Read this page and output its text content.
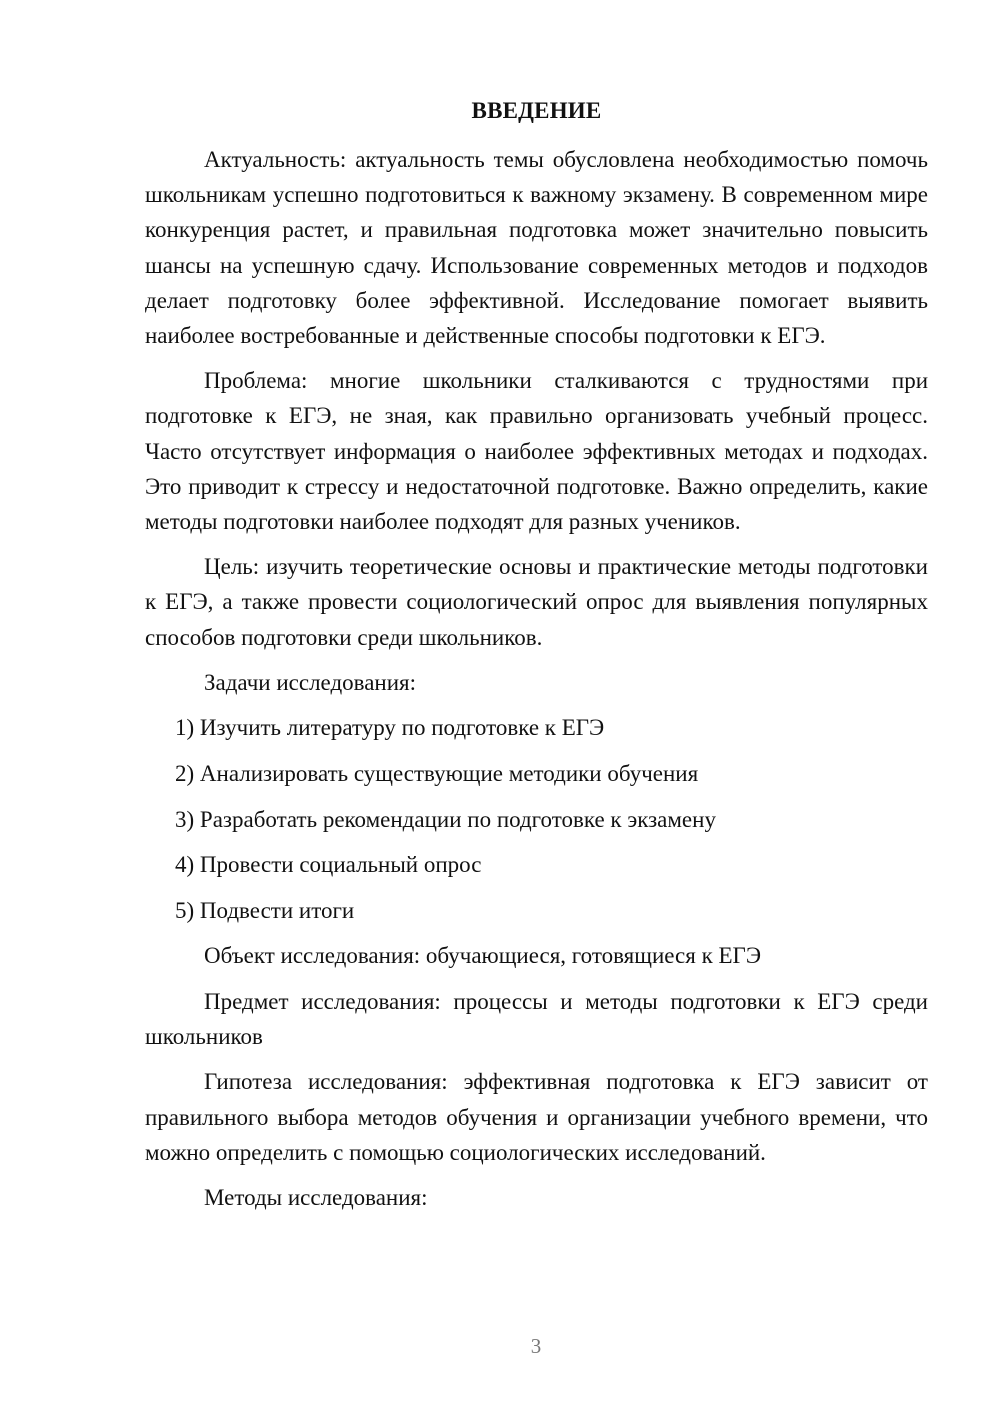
ВВЕДЕНИЕ

Актуальность: актуальность темы обусловлена необходимостью помочь школьникам успешно подготовиться к важному экзамену. В современном мире конкуренция растет, и правильная подготовка может значительно повысить шансы на успешную сдачу. Использование современных методов и подходов делает подготовку более эффективной. Исследование помогает выявить наиболее востребованные и действенные способы подготовки к ЕГЭ.

Проблема: многие школьники сталкиваются с трудностями при подготовке к ЕГЭ, не зная, как правильно организовать учебный процесс. Часто отсутствует информация о наиболее эффективных методах и подходах. Это приводит к стрессу и недостаточной подготовке. Важно определить, какие методы подготовки наиболее подходят для разных учеников.

Цель: изучить теоретические основы и практические методы подготовки к ЕГЭ, а также провести социологический опрос для выявления популярных способов подготовки среди школьников.

Задачи исследования:

1) Изучить литературу по подготовке к ЕГЭ

2) Анализировать существующие методики обучения

3) Разработать рекомендации по подготовке к экзамену

4) Провести социальный опрос

5) Подвести итоги

Объект исследования: обучающиеся, готовящиеся к ЕГЭ

Предмет исследования: процессы и методы подготовки к ЕГЭ среди школьников

Гипотеза исследования: эффективная подготовка к ЕГЭ зависит от правильного выбора методов обучения и организации учебного времени, что можно определить с помощью социологических исследований.

Методы исследования:

3
